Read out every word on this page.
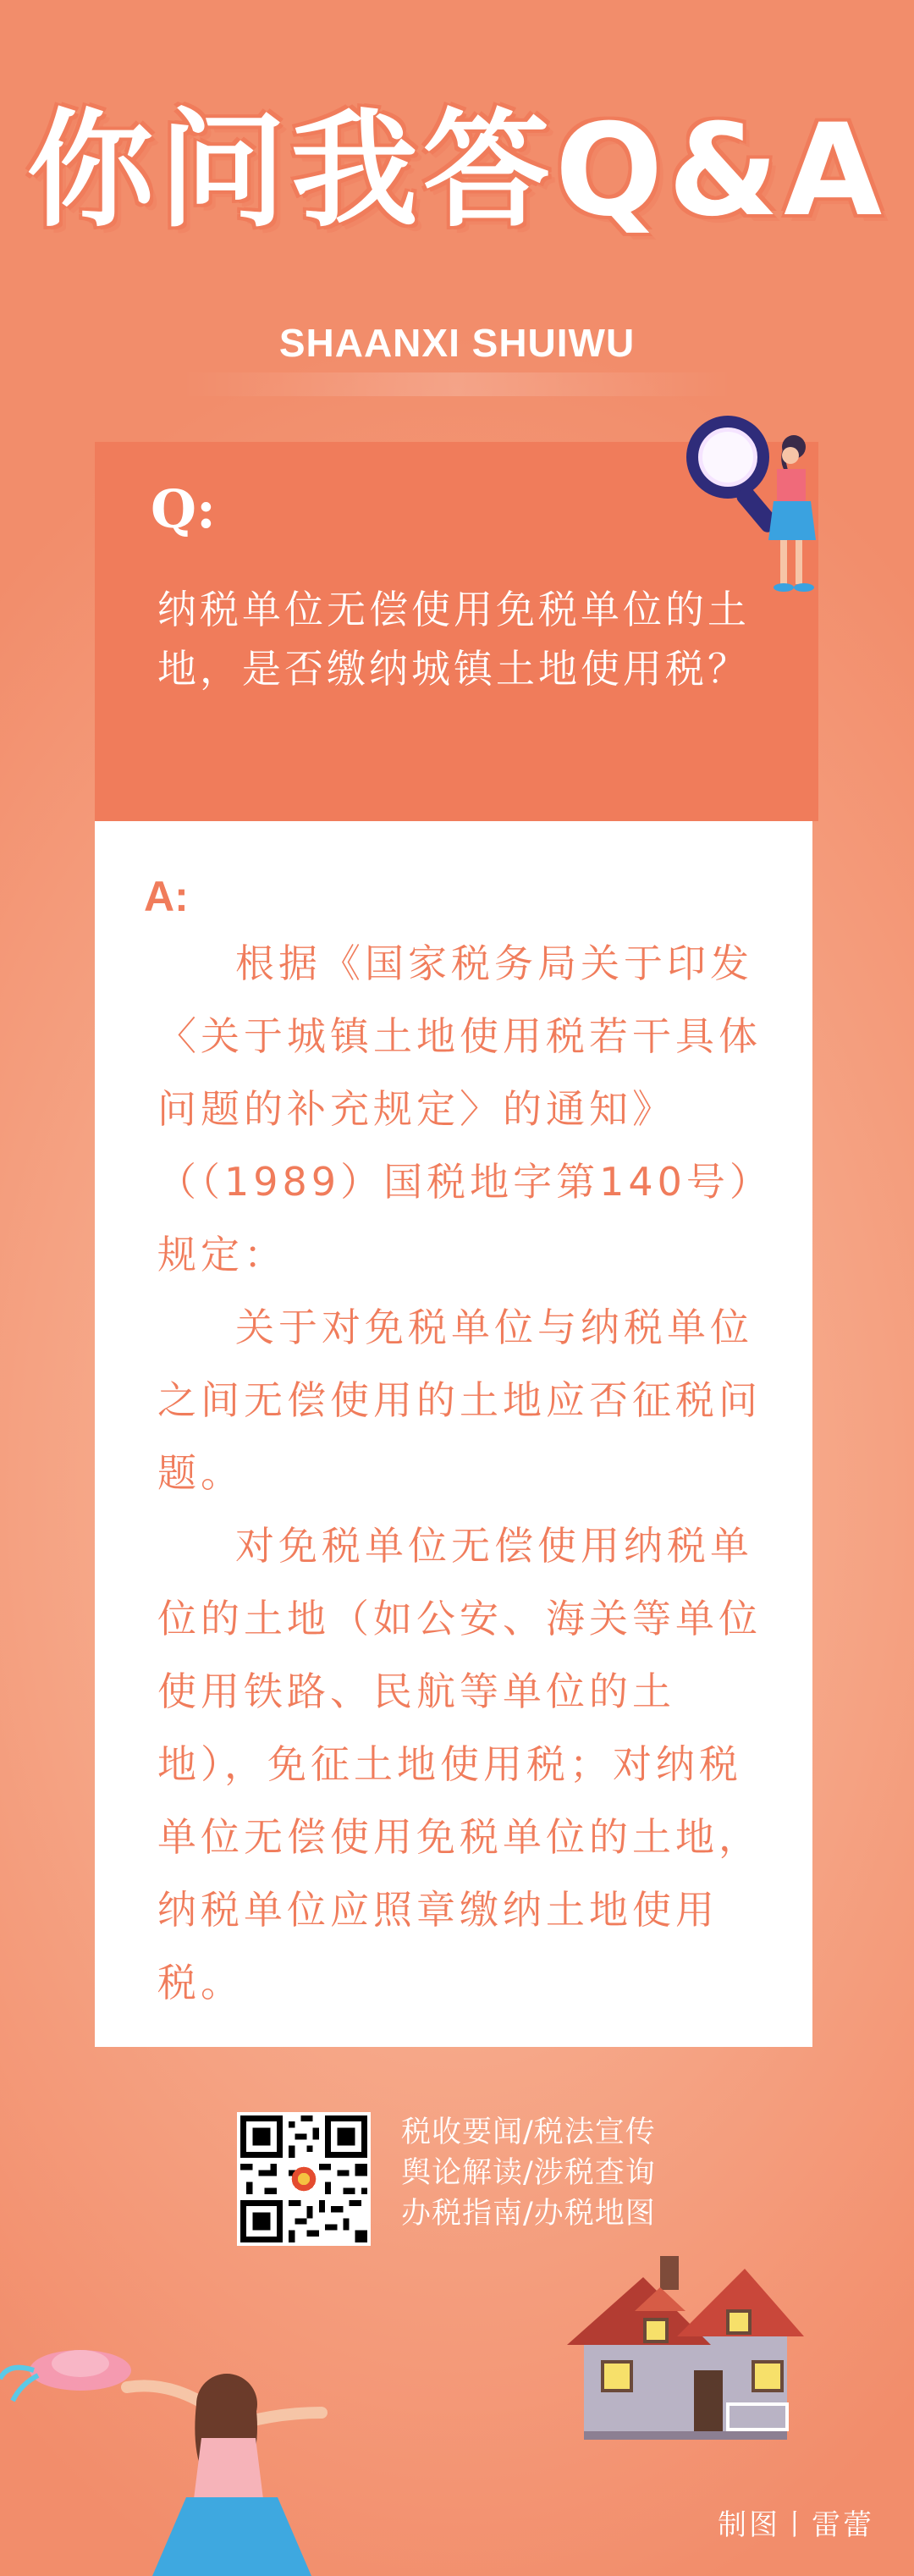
你问我答Q&A
SHAANXI SHUIWU
Q:
纳税单位无偿使用免税单位的土地，是否缴纳城镇土地使用税？
A:

根据《国家税务局关于印发〈关于城镇土地使用税若干具体问题的补充规定〉的通知》（（1989）国税地字第140号）规定：

关于对免税单位与纳税单位之间无偿使用的土地应否征税问题。

对免税单位无偿使用纳税单位的土地（如公安、海关等单位使用铁路、民航等单位的土地），免征土地使用税；对纳税单位无偿使用免税单位的土地，纳税单位应照章缴纳土地使用税。

税收要闻/税法宣传
舆论解读/涉税查询
办税指南/办税地图
制图丨雷蕾
